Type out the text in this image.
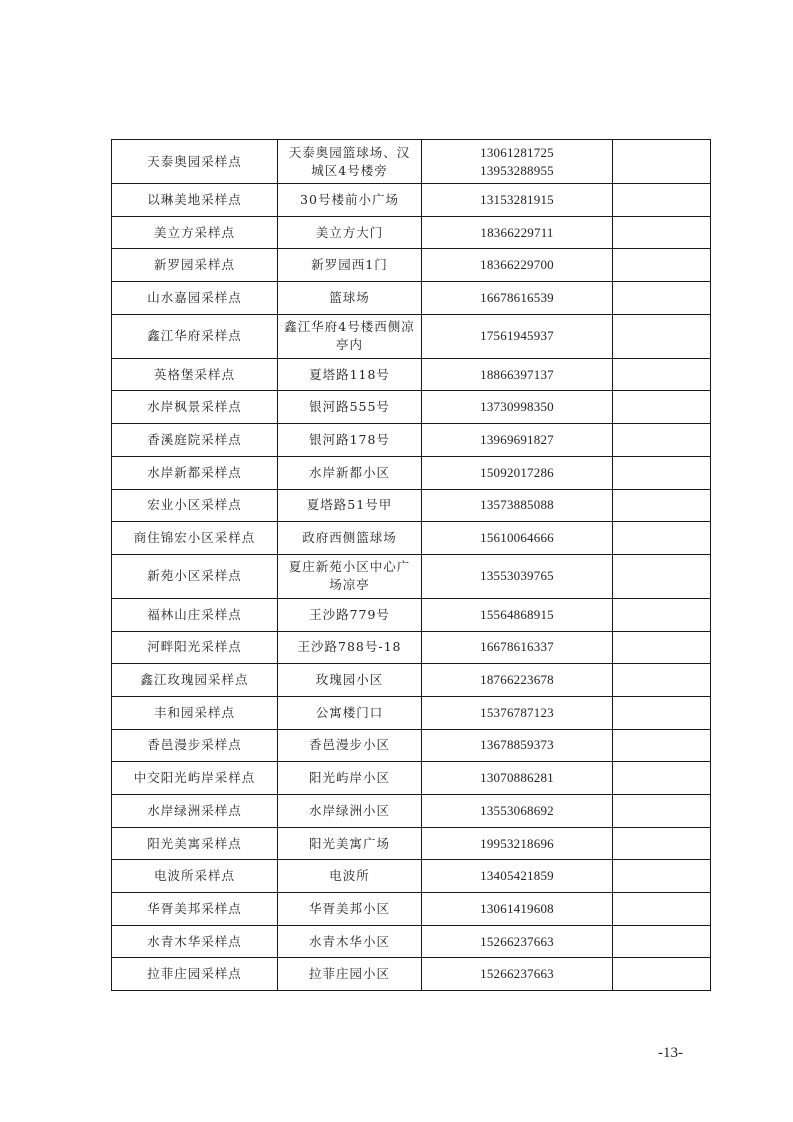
天泰奥园采样点	天泰奥园篮球场、汉城区4号楼旁	13061281725
13953288955	

以琳美地采样点	30号楼前小广场	13153281915	

美立方采样点	美立方大门	18366229711	

新罗园采样点	新罗园西1门	18366229700	

山水嘉园采样点	篮球场	16678616539	

鑫江华府采样点	鑫江华府4号楼西侧凉亭内	17561945937	

英格堡采样点	夏塔路118号	18866397137	

水岸枫景采样点	银河路555号	13730998350	

香溪庭院采样点	银河路178号	13969691827	

水岸新都采样点	水岸新都小区	15092017286	

宏业小区采样点	夏塔路51号甲	13573885088	

商住锦宏小区采样点	政府西侧篮球场	15610064666	

新苑小区采样点	夏庄新苑小区中心广场凉亭	13553039765	

福林山庄采样点	王沙路779号	15564868915	

河畔阳光采样点	王沙路788号-18	16678616337	

鑫江玫瑰园采样点	玫瑰园小区	18766223678	

丰和园采样点	公寓楼门口	15376787123	

香邑漫步采样点	香邑漫步小区	13678859373	

中交阳光屿岸采样点	阳光屿岸小区	13070886281	

水岸绿洲采样点	水岸绿洲小区	13553068692	

阳光美寓采样点	阳光美寓广场	19953218696	

电波所采样点	电波所	13405421859	

华胥美邦采样点	华胥美邦小区	13061419608	

水青木华采样点	水青木华小区	15266237663	

拉菲庄园采样点	拉菲庄园小区	15266237663	

-13-
